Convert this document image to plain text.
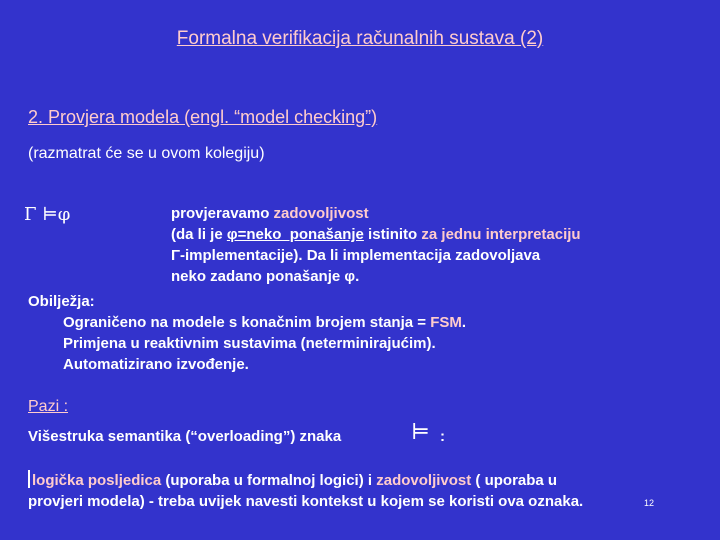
Formalna verifikacija računalnih sustava (2)
2. Provjera modela (engl. “model checking”)
(razmatrat će se u ovom kolegiju)
Γ ⊨φ	provjeravamo zadovoljivost
(da li je φ=neko_ponašanje istinito za jednu interpretaciju
Γ-implementacije). Da li implementacija zadovoljava
neko zadano ponašanje φ.
Obilježja:
Ograničeno na modele s konačnim brojem stanja = FSM.
Primjena u reaktivnim sustavima (neterminirajućim).
Automatizirano izvođenje.
Pazi :
Višestruka semantika (“overloading”) znaka	⊨ :
logička posljedica (uporaba u formalnoj logici) i zadovoljivost ( uporaba u
provjeri modela) - treba uvijek navesti kontekst u kojem se koristi ova oznaka.	12
